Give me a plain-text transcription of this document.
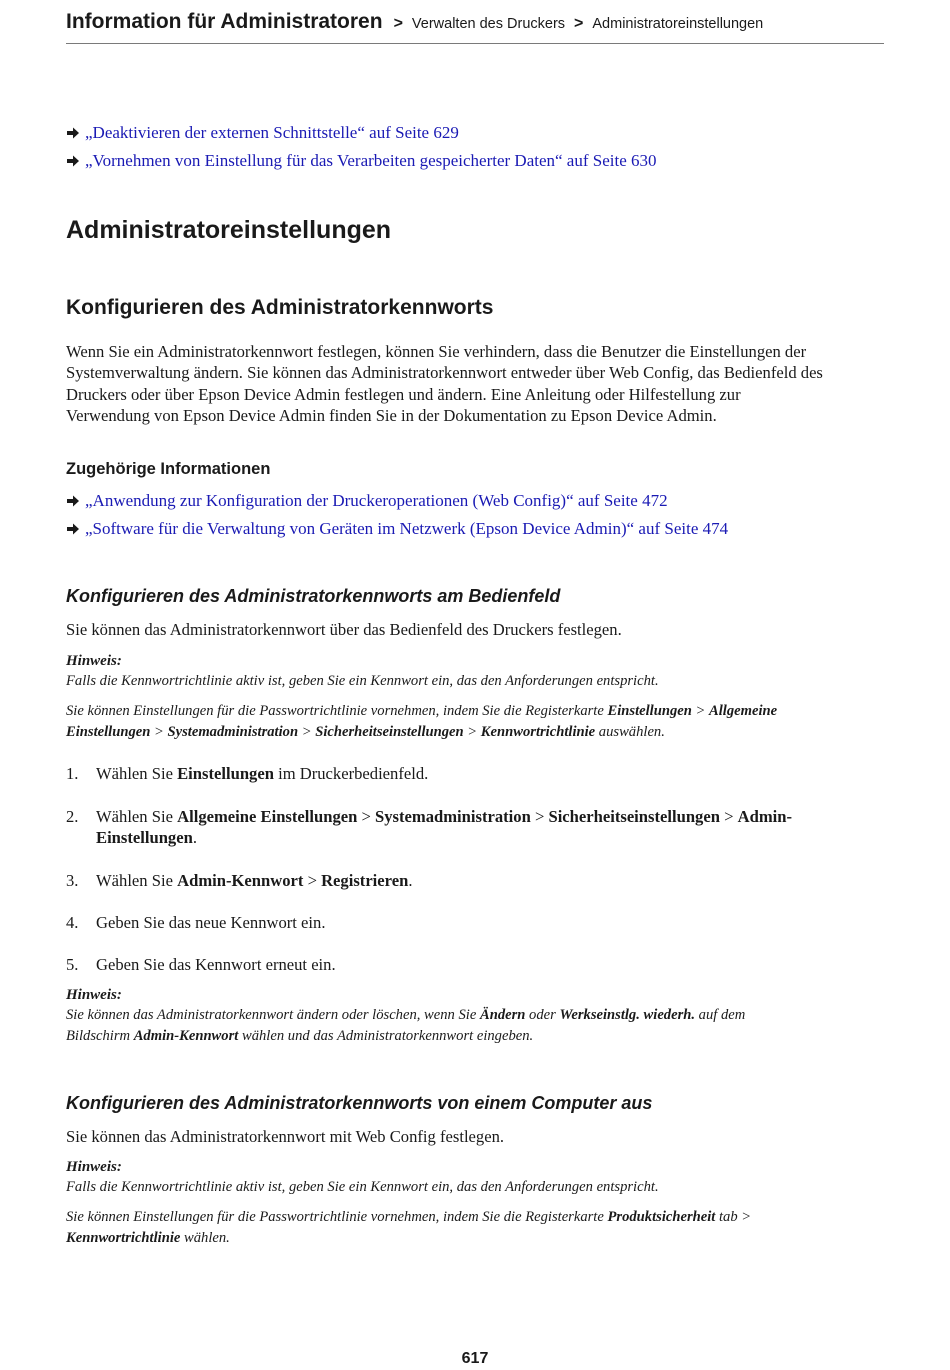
Information für Administratoren > Verwalten des Druckers > Administratoreinstellungen
„Deaktivieren der externen Schnittstelle“ auf Seite 629
„Vornehmen von Einstellung für das Verarbeiten gespeicherter Daten“ auf Seite 630
Administratoreinstellungen
Konfigurieren des Administratorkennworts
Wenn Sie ein Administratorkennwort festlegen, können Sie verhindern, dass die Benutzer die Einstellungen der
Systemverwaltung ändern. Sie können das Administratorkennwort entweder über Web Config, das Bedienfeld des
Druckers oder über Epson Device Admin festlegen und ändern. Eine Anleitung oder Hilfestellung zur
Verwendung von Epson Device Admin finden Sie in der Dokumentation zu Epson Device Admin.
Zugehörige Informationen
„Anwendung zur Konfiguration der Druckeroperationen (Web Config)“ auf Seite 472
„Software für die Verwaltung von Geräten im Netzwerk (Epson Device Admin)“ auf Seite 474
Konfigurieren des Administratorkennworts am Bedienfeld
Sie können das Administratorkennwort über das Bedienfeld des Druckers festlegen.
Hinweis:
Falls die Kennwortrichtlinie aktiv ist, geben Sie ein Kennwort ein, das den Anforderungen entspricht.
Sie können Einstellungen für die Passwortrichtlinie vornehmen, indem Sie die Registerkarte Einstellungen > Allgemeine
Einstellungen > Systemadministration > Sicherheitseinstellungen > Kennwortrichtlinie auswählen.
1. Wählen Sie Einstellungen im Druckerbedienfeld.
2. Wählen Sie Allgemeine Einstellungen > Systemadministration > Sicherheitseinstellungen > Admin-
Einstellungen.
3. Wählen Sie Admin-Kennwort > Registrieren.
4. Geben Sie das neue Kennwort ein.
5. Geben Sie das Kennwort erneut ein.
Hinweis:
Sie können das Administratorkennwort ändern oder löschen, wenn Sie Ändern oder Werkseinstlg. wiederh. auf dem
Bildschirm Admin-Kennwort wählen und das Administratorkennwort eingeben.
Konfigurieren des Administratorkennworts von einem Computer aus
Sie können das Administratorkennwort mit Web Config festlegen.
Hinweis:
Falls die Kennwortrichtlinie aktiv ist, geben Sie ein Kennwort ein, das den Anforderungen entspricht.
Sie können Einstellungen für die Passwortrichtlinie vornehmen, indem Sie die Registerkarte Produktsicherheit tab >
Kennwortrichtlinie wählen.
617
